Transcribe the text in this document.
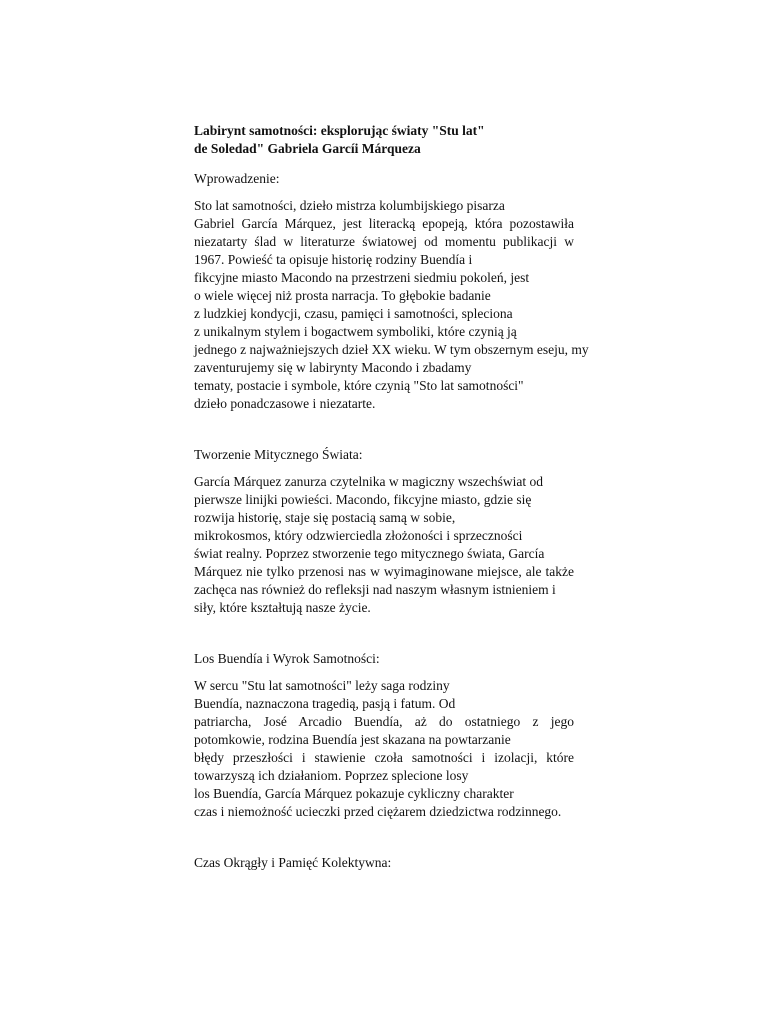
Labirynt samotności: eksplorując światy "Stu lat"
de Soledad" Gabriela Garcíi Márqueza
Wprowadzenie:

Sto lat samotności, dzieło mistrza kolumbijskiego pisarza
Gabriel García Márquez, jest literacką epopeją, która pozostawiła
niezatarty ślad w literaturze światowej od momentu publikacji w
1967. Powieść ta opisuje historię rodziny Buendía i
fikcyjne miasto Macondo na przestrzeni siedmiu pokoleń, jest
o wiele więcej niż prosta narracja. To głębokie badanie
z ludzkiej kondycji, czasu, pamięci i samotności, spleciona
z unikalnym stylem i bogactwem symboliki, które czynią ją
jednego z najważniejszych dzieł XX wieku. W tym obszernym eseju, my
zaventurujemy się w labirynty Macondo i zbadamy
tematy, postacie i symbole, które czynią "Sto lat samotności"
dzieło ponadczasowe i niezatarte.

Tworzenie Mitycznego Świata:

García Márquez zanurza czytelnika w magiczny wszechświat od
pierwsze linijki powieści. Macondo, fikcyjne miasto, gdzie się
rozwija historię, staje się postacią samą w sobie,
mikrokosmos, który odzwierciedla złożoności i sprzeczności
świat realny. Poprzez stworzenie tego mitycznego świata, García
Márquez nie tylko przenosi nas w wyimaginowane miejsce, ale także
zachęca nas również do refleksji nad naszym własnym istnieniem i
siły, które kształtują nasze życie.

Los Buendía i Wyrok Samotności:

W sercu "Stu lat samotności" leży saga rodziny
Buendía, naznaczona tragedią, pasją i fatum. Od
patriarcha, José Arcadio Buendía, aż do ostatniego z jego
potomkowie, rodzina Buendía jest skazana na powtarzanie
błędy przeszłości i stawienie czoła samotności i izolacji, które
towarzyszą ich działaniom. Poprzez splecione losy
los Buendía, García Márquez pokazuje cykliczny charakter
czas i niemożność ucieczki przed ciężarem dziedzictwa rodzinnego.

Czas Okrągły i Pamięć Kolektywna:
